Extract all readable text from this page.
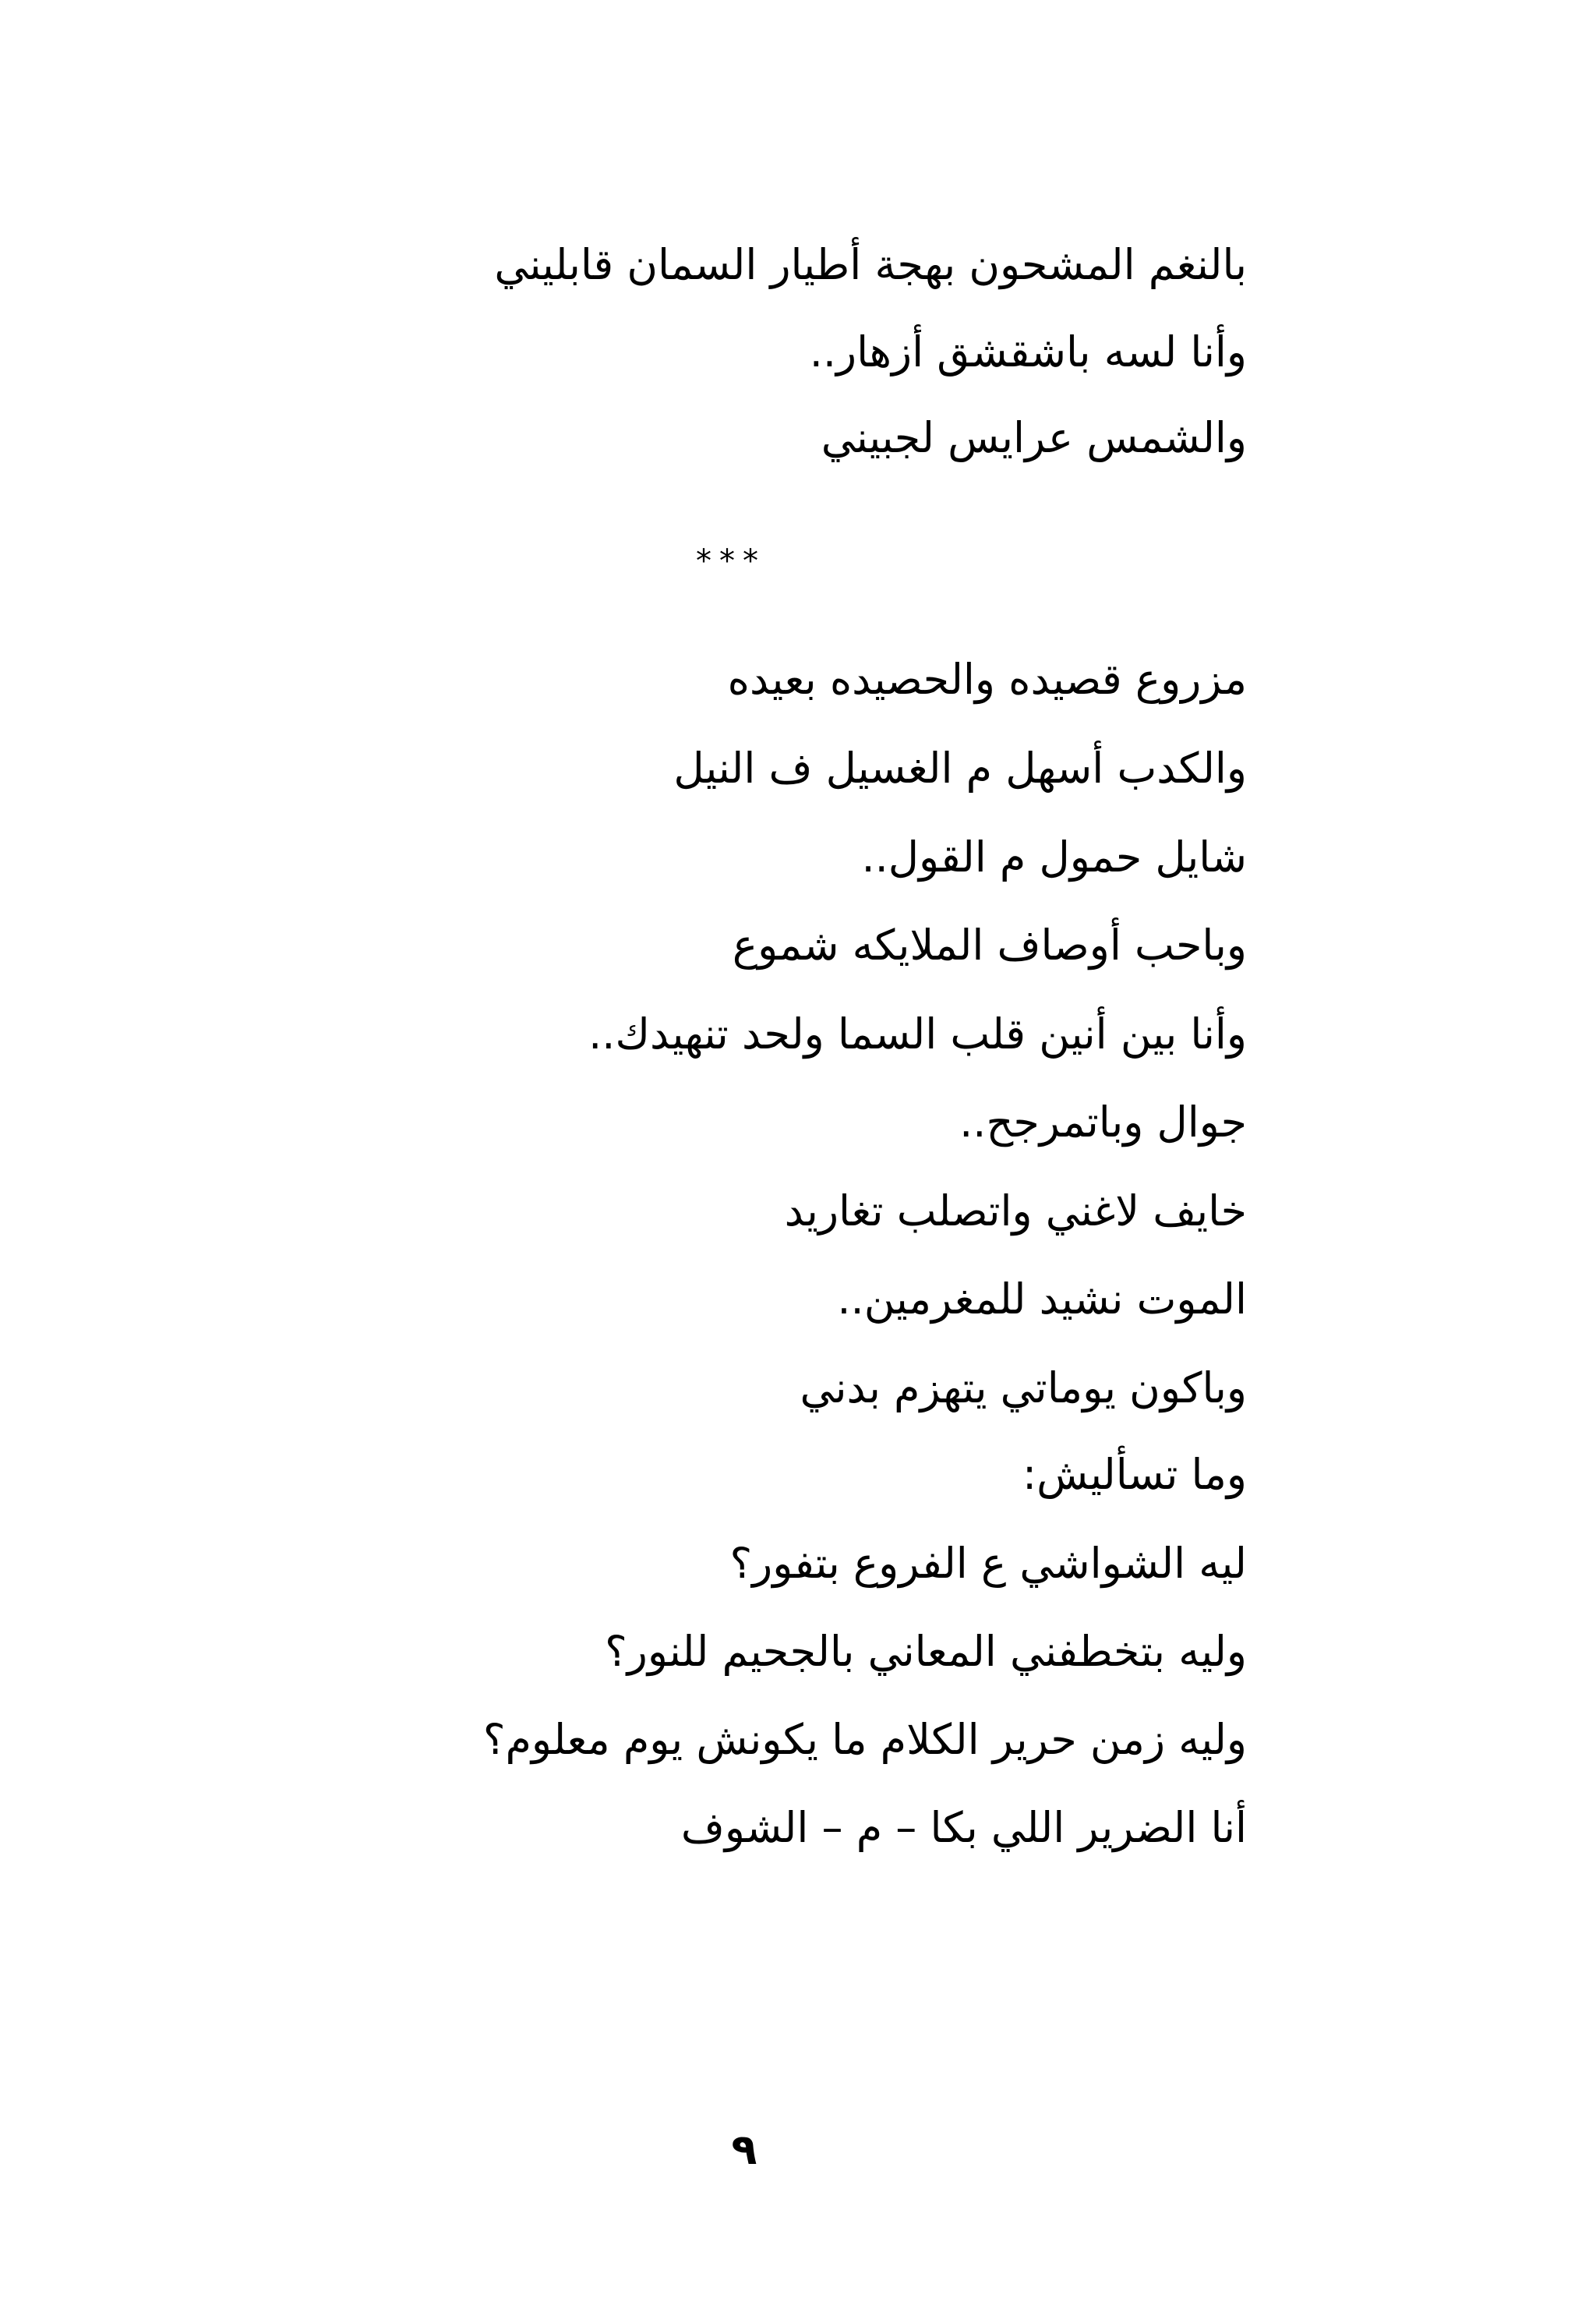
بالنغم المشحون بهجة أطيار السمان قابليني
وأنا لسه باشقشق أزهار..
والشمس عرايس لجبيني
***
مزروع قصيده والحصيده بعيده
والكدب أسهل م الغسيل ف النيل
شايل حمول م القول..
وباحب أوصاف الملايكه شموع
وأنا بين أنين قلب السما ولحد تنهيدك..
جوال وباتمرجح..
خايف لاغني واتصلب تغاريد
الموت نشيد للمغرمين..
وباكون يوماتي يتهزم بدني
وما تسأليش:
ليه الشواشي ع الفروع بتفور؟
وليه بتخطفني المعاني بالجحيم للنور؟
وليه زمن حرير الكلام ما يكونش يوم معلوم؟
أنا الضرير اللي بكا – م – الشوف
٩
